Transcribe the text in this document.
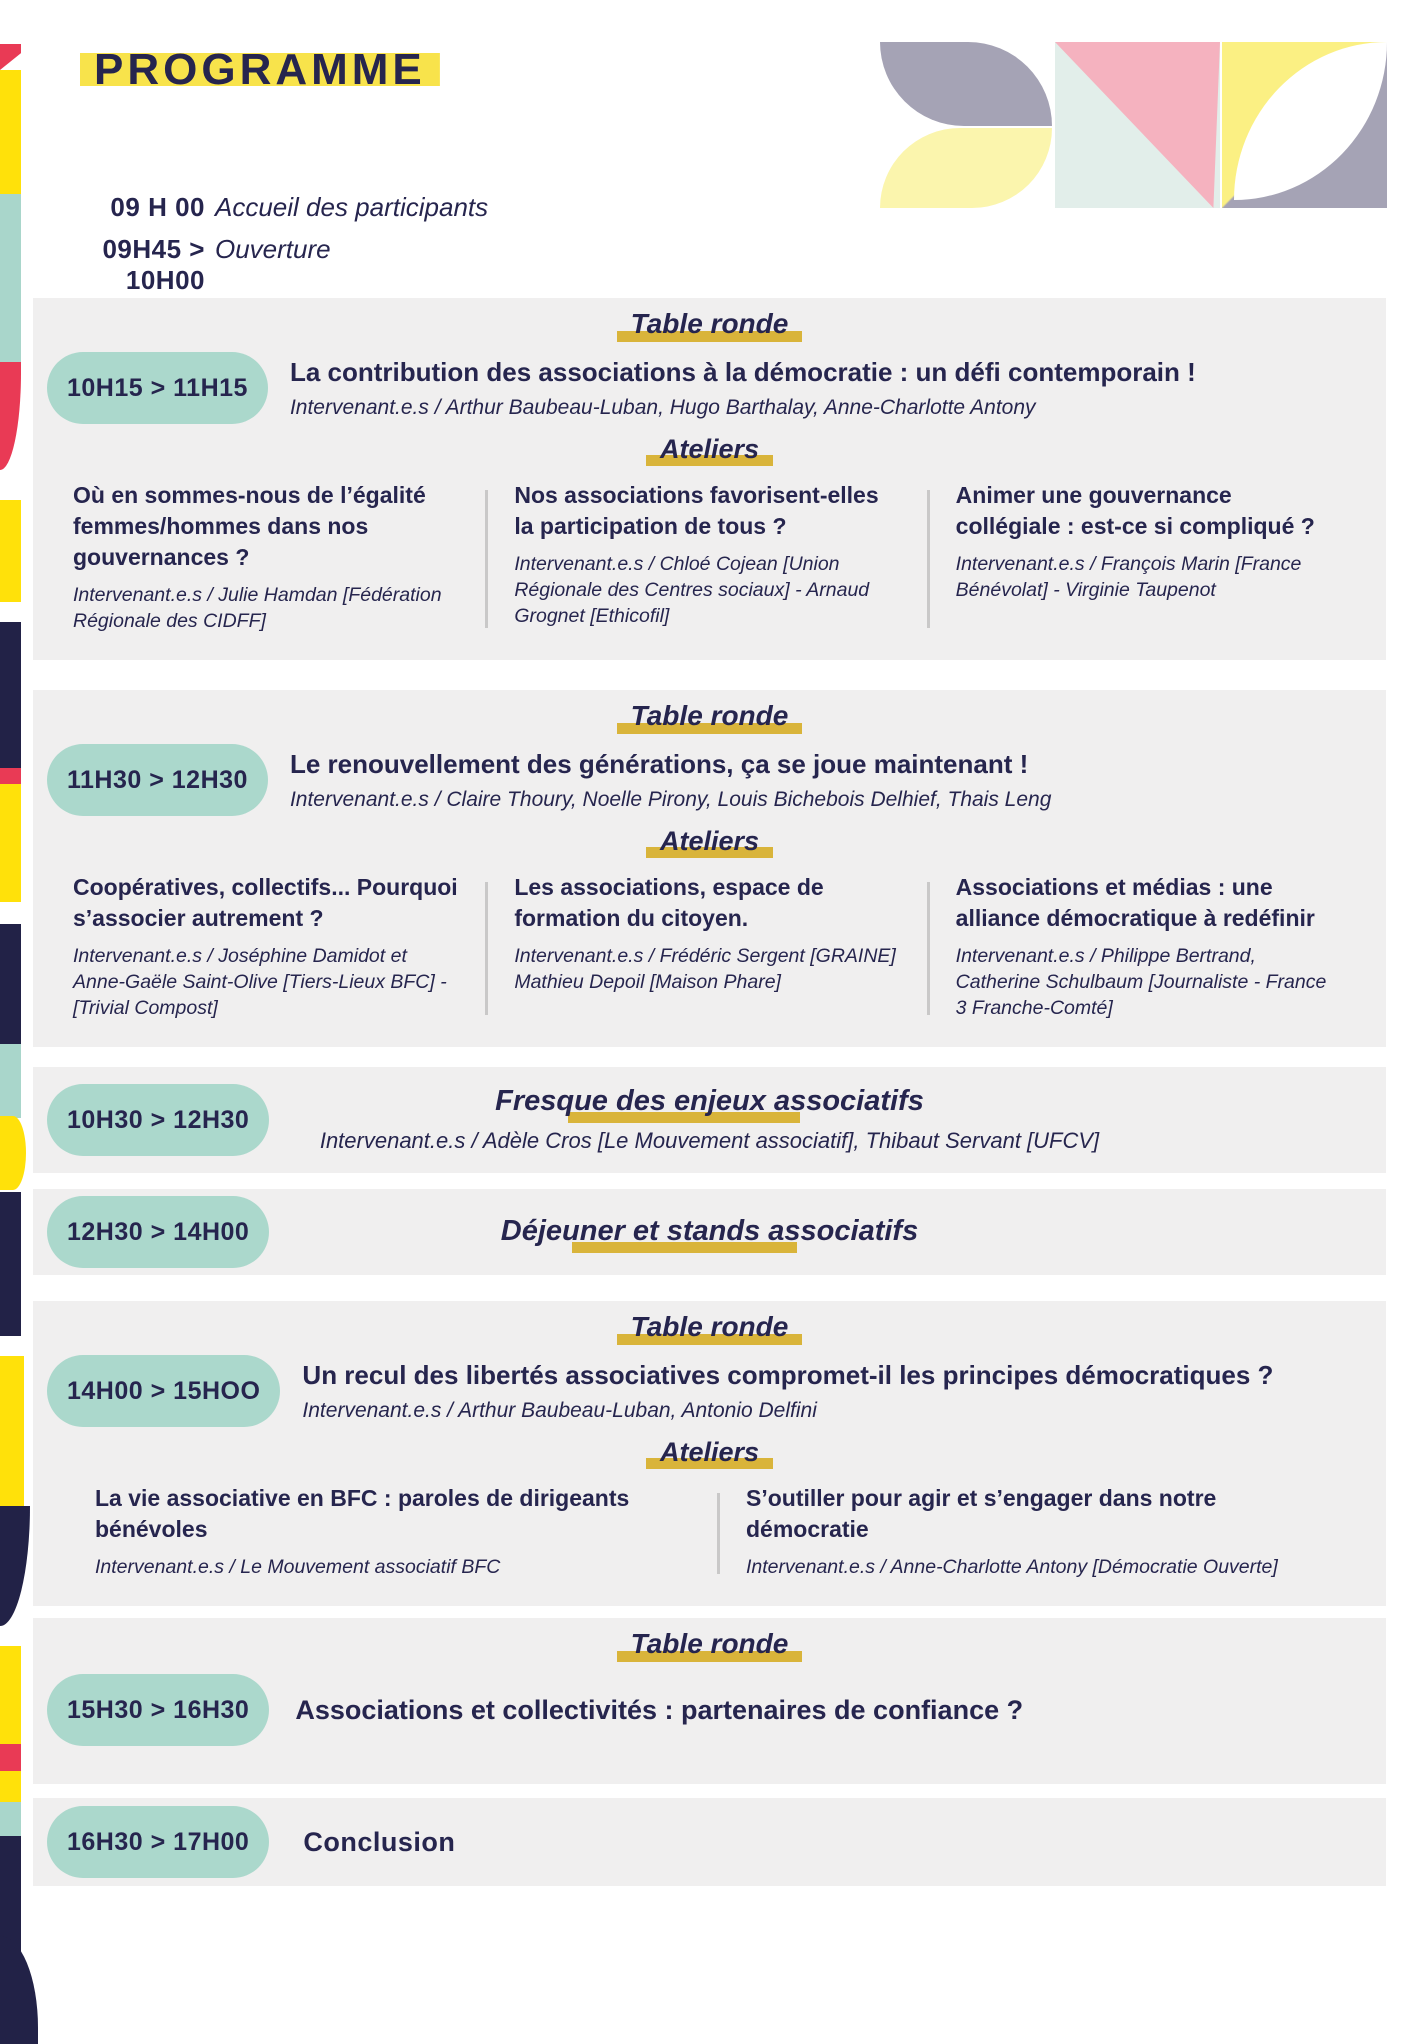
PROGRAMME
09 H 00 Accueil des participants
09H45 > 10H00
Ouverture
Table ronde
10H15 > 11H15
La contribution des associations à la démocratie : un défi contemporain !
Intervenant.e.s / Arthur Baubeau-Luban, Hugo Barthalay, Anne-Charlotte Antony
Ateliers
Où en sommes-nous de l’égalité femmes/hommes dans nos gouvernances ?
Intervenant.e.s / Julie Hamdan [Fédération Régionale des CIDFF]
Nos associations favorisent-elles la participation de tous ?
Intervenant.e.s / Chloé Cojean [Union Régionale des Centres sociaux] - Arnaud Grognet [Ethicofil]
Animer une gouvernance collégiale : est-ce si compliqué ?
Intervenant.e.s / François Marin [France Bénévolat] - Virginie Taupenot
Table ronde
11H30 > 12H30
Le renouvellement des générations, ça se joue maintenant !
Intervenant.e.s / Claire Thoury, Noelle Pirony, Louis Bichebois Delhief, Thais Leng
Ateliers
Coopératives, collectifs... Pourquoi s’associer autrement ?
Intervenant.e.s / Joséphine Damidot et Anne-Gaële Saint-Olive [Tiers-Lieux BFC] - [Trivial Compost]
Les associations, espace de formation du citoyen.
Intervenant.e.s / Frédéric Sergent [GRAINE] Mathieu Depoil [Maison Phare]
Associations et médias : une alliance démocratique à redéfinir
Intervenant.e.s / Philippe Bertrand, Catherine Schulbaum [Journaliste - France 3 Franche-Comté]
10H30 > 12H30
Fresque des enjeux associatifs
Intervenant.e.s / Adèle Cros [Le Mouvement associatif], Thibaut Servant [UFCV]
12H30 > 14H00	Déjeuner et stands associatifs
Table ronde
14H00 > 15HOO
Un recul des libertés associatives compromet-il les principes démocratiques ?
Intervenant.e.s / Arthur Baubeau-Luban, Antonio Delfini
Ateliers
La vie associative en BFC : paroles de dirigeants bénévoles
Intervenant.e.s / Le Mouvement associatif BFC
S’outiller pour agir et s’engager dans notre démocratie
Intervenant.e.s / Anne-Charlotte Antony [Démocratie Ouverte]
Table ronde
15H30 > 16H30	Associations et collectivités : partenaires de confiance ?
16H30 > 17H00	Conclusion
